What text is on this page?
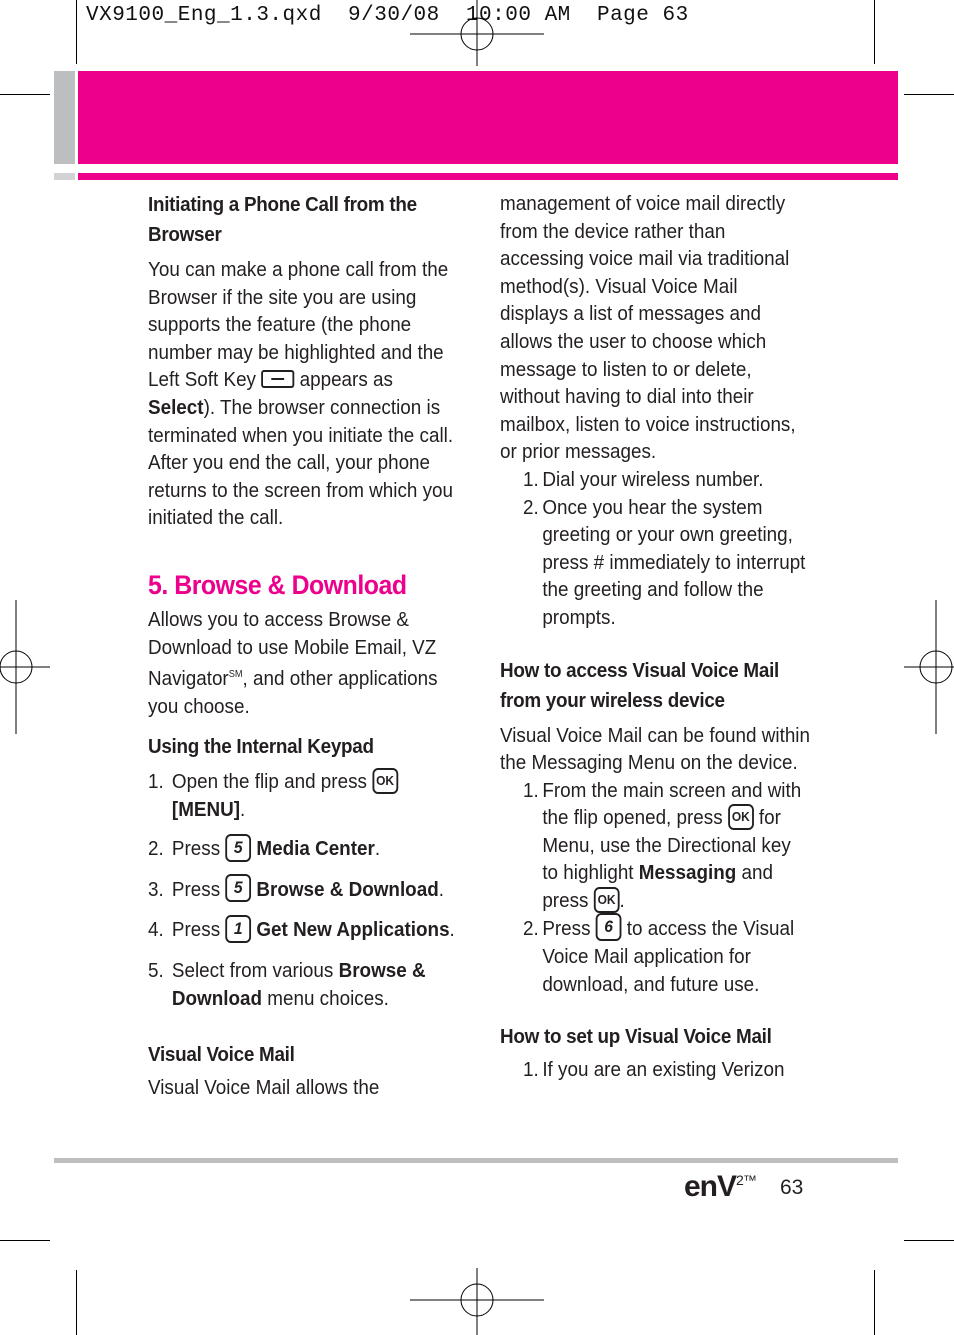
VX9100_Eng_1.3.qxd  9/30/08  10:00 AM  Page 63

Initiating a Phone Call from the Browser

You can make a phone call from the Browser if the site you are using supports the feature (the phone number may be highlighted and the Left Soft Key appears as Select). The browser connection is terminated when you initiate the call. After you end the call, your phone returns to the screen from which you initiated the call.

5. Browse & Download

Allows you to access Browse & Download to use Mobile Email, VZ Navigator℠, and other applications you choose.

Using the Internal Keypad

1. Open the flip and press OK
[MENU].
2. Press 5 Media Center.
3. Press 5 Browse & Download.
4. Press 1 Get New Applications.
5. Select from various Browse & Download menu choices.

Visual Voice Mail

Visual Voice Mail allows the

management of voice mail directly from the device rather than accessing voice mail via traditional method(s). Visual Voice Mail displays a list of messages and allows the user to choose which message to listen to or delete, without having to dial into their mailbox, listen to voice instructions, or prior messages.

1. Dial your wireless number.
2. Once you hear the system greeting or your own greeting, press # immediately to interrupt the greeting and follow the prompts.

How to access Visual Voice Mail from your wireless device

Visual Voice Mail can be found within the Messaging Menu on the device.

1. From the main screen and with the flip opened, press OK for Menu, use the Directional key to highlight Messaging and press OK .
2. Press 6 to access the Visual Voice Mail application for download, and future use.

How to set up Visual Voice Mail

1. If you are an existing Verizon
enV$^{2™}$ 63
